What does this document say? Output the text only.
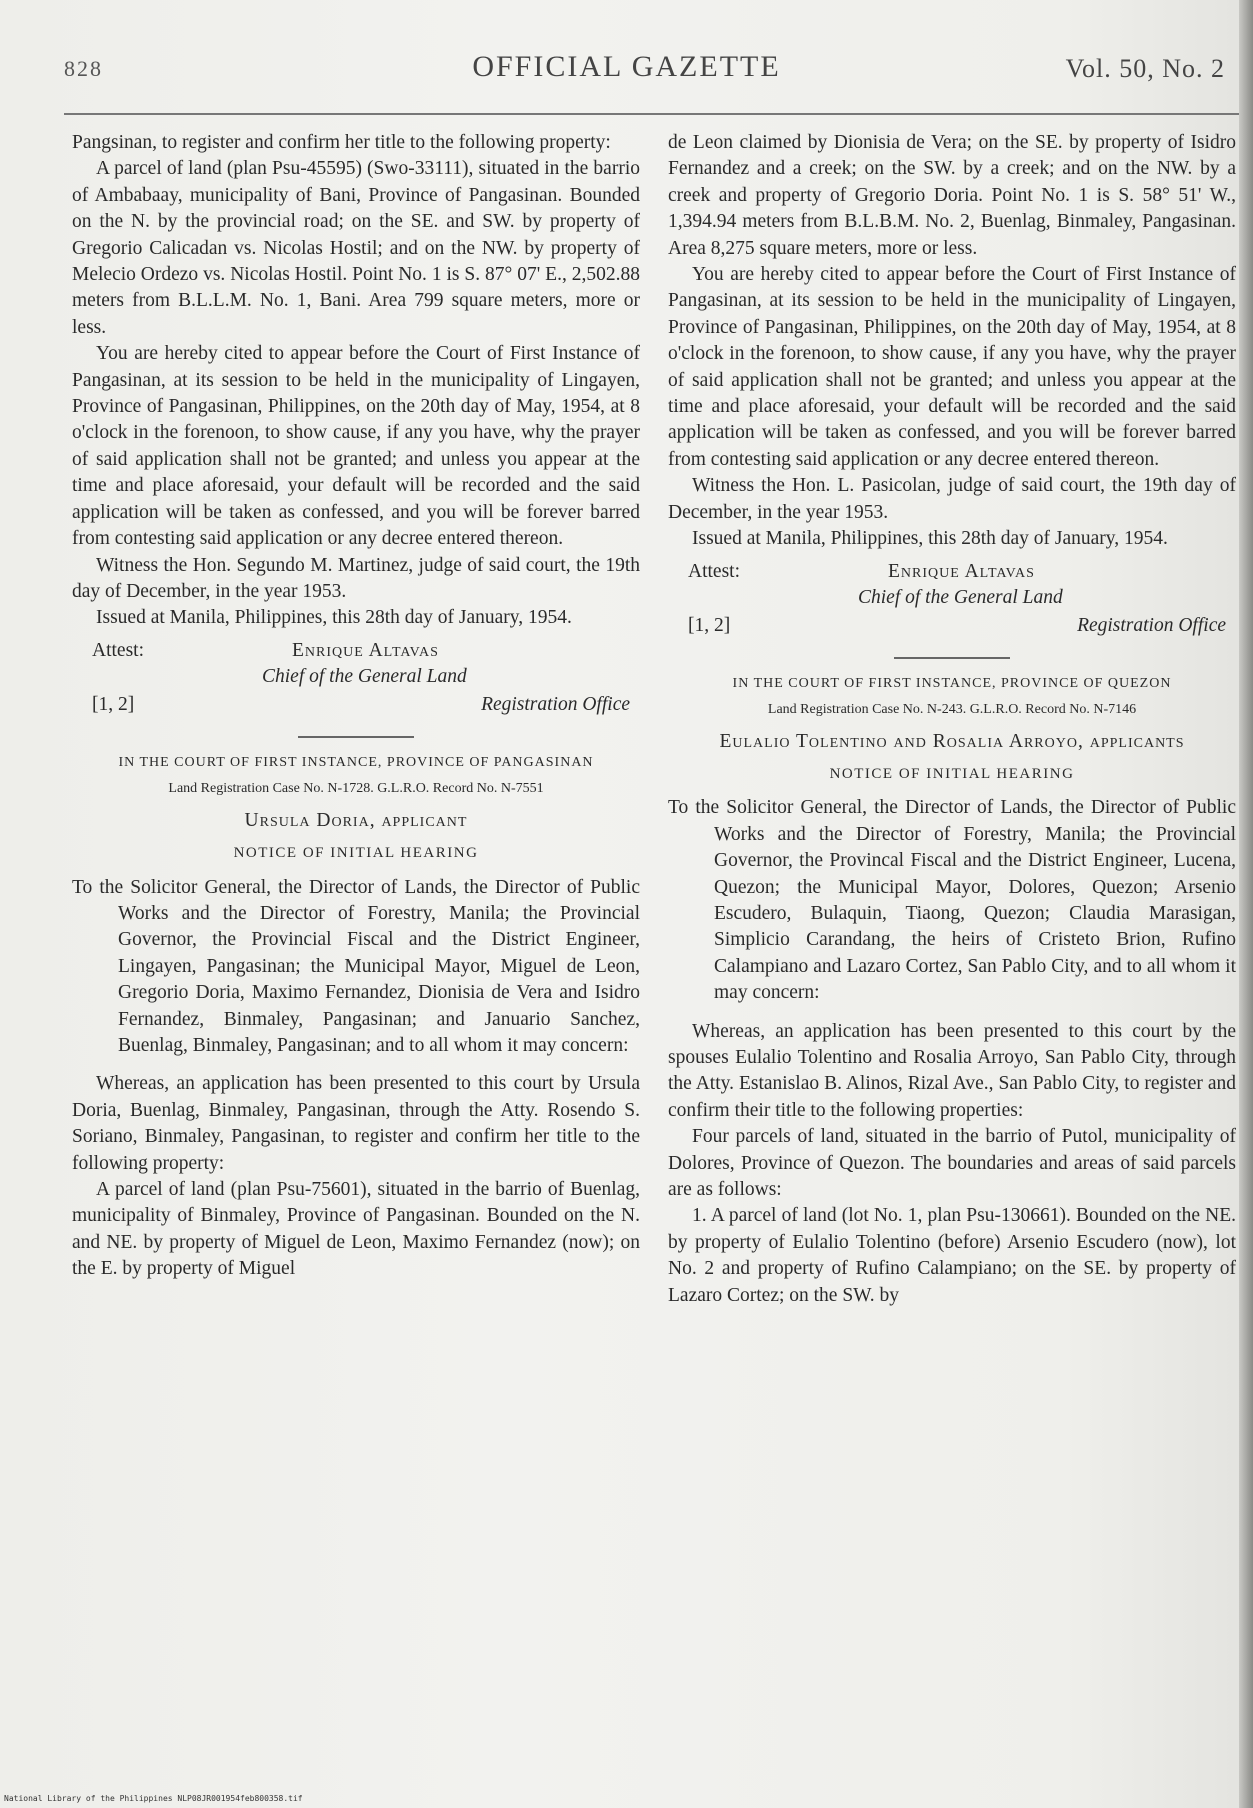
828	OFFICIAL GAZETTE	Vol. 50, No. 2

Pangsinan, to register and confirm her title to the following property:

A parcel of land (plan Psu-45595) (Swo-33111), situated in the barrio of Ambabaay, municipality of Bani, Province of Pangasinan. Bounded on the N. by the provincial road; on the SE. and SW. by property of Gregorio Calicadan vs. Nicolas Hostil; and on the NW. by property of Melecio Ordezo vs. Nicolas Hostil. Point No. 1 is S. 87° 07' E., 2,502.88 meters from B.L.L.M. No. 1, Bani. Area 799 square meters, more or less.

You are hereby cited to appear before the Court of First Instance of Pangasinan, at its session to be held in the municipality of Lingayen, Province of Pangasinan, Philippines, on the 20th day of May, 1954, at 8 o'clock in the forenoon, to show cause, if any you have, why the prayer of said application shall not be granted; and unless you appear at the time and place aforesaid, your default will be recorded and the said application will be taken as confessed, and you will be forever barred from contesting said application or any decree entered thereon.

Witness the Hon. Segundo M. Martinez, judge of said court, the 19th day of December, in the year 1953.

Issued at Manila, Philippines, this 28th day of January, 1954.

Attest:	Enrique Altavas
Chief of the General Land
[1, 2]	Registration Office
IN THE COURT OF FIRST INSTANCE, PROVINCE OF PANGASINAN
Land Registration Case No. N-1728. G.L.R.O. Record No. N-7551
Ursula Doria, applicant
NOTICE OF INITIAL HEARING

To the Solicitor General, the Director of Lands, the Director of Public Works and the Director of Forestry, Manila; the Provincial Governor, the Provincial Fiscal and the District Engineer, Lingayen, Pangasinan; the Municipal Mayor, Miguel de Leon, Gregorio Doria, Maximo Fernandez, Dionisia de Vera and Isidro Fernandez, Binmaley, Pangasinan; and Januario Sanchez, Buenlag, Binmaley, Pangasinan; and to all whom it may concern:

Whereas, an application has been presented to this court by Ursula Doria, Buenlag, Binmaley, Pangasinan, through the Atty. Rosendo S. Soriano, Binmaley, Pangasinan, to register and confirm her title to the following property:

A parcel of land (plan Psu-75601), situated in the barrio of Buenlag, municipality of Binmaley, Province of Pangasinan. Bounded on the N. and NE. by property of Miguel de Leon, Maximo Fernandez (now); on the E. by property of Miguel

de Leon claimed by Dionisia de Vera; on the SE. by property of Isidro Fernandez and a creek; on the SW. by a creek; and on the NW. by a creek and property of Gregorio Doria. Point No. 1 is S. 58° 51' W., 1,394.94 meters from B.L.B.M. No. 2, Buenlag, Binmaley, Pangasinan. Area 8,275 square meters, more or less.

You are hereby cited to appear before the Court of First Instance of Pangasinan, at its session to be held in the municipality of Lingayen, Province of Pangasinan, Philippines, on the 20th day of May, 1954, at 8 o'clock in the forenoon, to show cause, if any you have, why the prayer of said application shall not be granted; and unless you appear at the time and place aforesaid, your default will be recorded and the said application will be taken as confessed, and you will be forever barred from contesting said application or any decree entered thereon.

Witness the Hon. L. Pasicolan, judge of said court, the 19th day of December, in the year 1953.

Issued at Manila, Philippines, this 28th day of January, 1954.

Attest:	Enrique Altavas
Chief of the General Land
[1, 2]	Registration Office
IN THE COURT OF FIRST INSTANCE, PROVINCE OF QUEZON
Land Registration Case No. N-243. G.L.R.O. Record No. N-7146
Eulalio Tolentino and Rosalia Arroyo, applicants
NOTICE OF INITIAL HEARING

To the Solicitor General, the Director of Lands, the Director of Public Works and the Director of Forestry, Manila; the Provincial Governor, the Provincal Fiscal and the District Engineer, Lucena, Quezon; the Municipal Mayor, Dolores, Quezon; Arsenio Escudero, Bulaquin, Tiaong, Quezon; Claudia Marasigan, Simplicio Carandang, the heirs of Cristeto Brion, Rufino Calampiano and Lazaro Cortez, San Pablo City, and to all whom it may concern:

Whereas, an application has been presented to this court by the spouses Eulalio Tolentino and Rosalia Arroyo, San Pablo City, through the Atty. Estanislao B. Alinos, Rizal Ave., San Pablo City, to register and confirm their title to the following properties:

Four parcels of land, situated in the barrio of Putol, municipality of Dolores, Province of Quezon. The boundaries and areas of said parcels are as follows:

1. A parcel of land (lot No. 1, plan Psu-130661). Bounded on the NE. by property of Eulalio Tolentino (before) Arsenio Escudero (now), lot No. 2 and property of Rufino Calampiano; on the SE. by property of Lazaro Cortez; on the SW. by

National Library of the Philippines NLP08JR001954feb800358.tif
